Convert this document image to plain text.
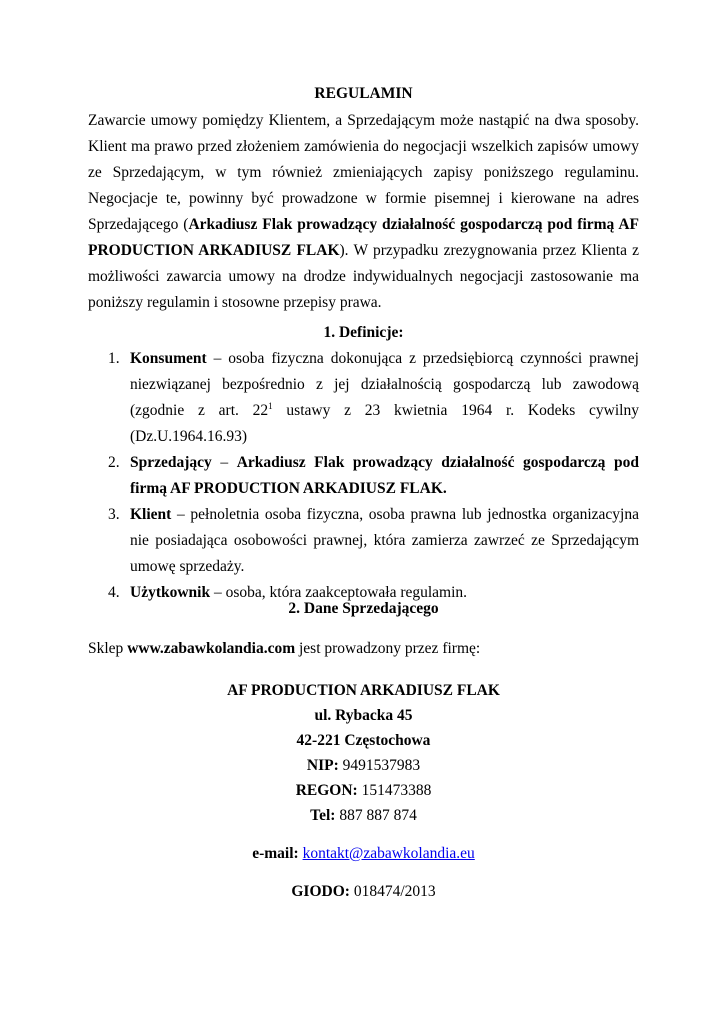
REGULAMIN

Zawarcie umowy pomiędzy Klientem, a Sprzedającym może nastąpić na dwa sposoby. Klient ma prawo przed złożeniem zamówienia do negocjacji wszelkich zapisów umowy ze Sprzedającym, w tym również zmieniających zapisy poniższego regulaminu. Negocjacje te, powinny być prowadzone w formie pisemnej i kierowane na adres Sprzedającego (Arkadiusz Flak prowadzący działalność gospodarczą pod firmą AF PRODUCTION ARKADIUSZ FLAK). W przypadku zrezygnowania przez Klienta z możliwości zawarcia umowy na drodze indywidualnych negocjacji zastosowanie ma poniższy regulamin i stosowne przepisy prawa.

1. Definicje:
1. Konsument – osoba fizyczna dokonująca z przedsiębiorcą czynności prawnej niezwiązanej bezpośrednio z jej działalnością gospodarczą lub zawodową (zgodnie z art. $22^1$ ustawy z 23 kwietnia 1964 r. Kodeks cywilny (Dz.U.1964.16.93)
2. Sprzedający – Arkadiusz Flak prowadzący działalność gospodarczą pod firmą AF PRODUCTION ARKADIUSZ FLAK.
3. Klient – pełnoletnia osoba fizyczna, osoba prawna lub jednostka organizacyjna nie posiadająca osobowości prawnej, która zamierza zawrzeć ze Sprzedającym umowę sprzedaży.
4. Użytkownik – osoba, która zaakceptowała regulamin.
2. Dane Sprzedającego
Sklep www.zabawkolandia.com jest prowadzony przez firmę:
AF PRODUCTION ARKADIUSZ FLAK
ul. Rybacka 45
42-221 Częstochowa
NIP: 9491537983
REGON: 151473388
Tel: 887 887 874
e-mail: kontakt@zabawkolandia.eu
GIODO: 018474/2013
